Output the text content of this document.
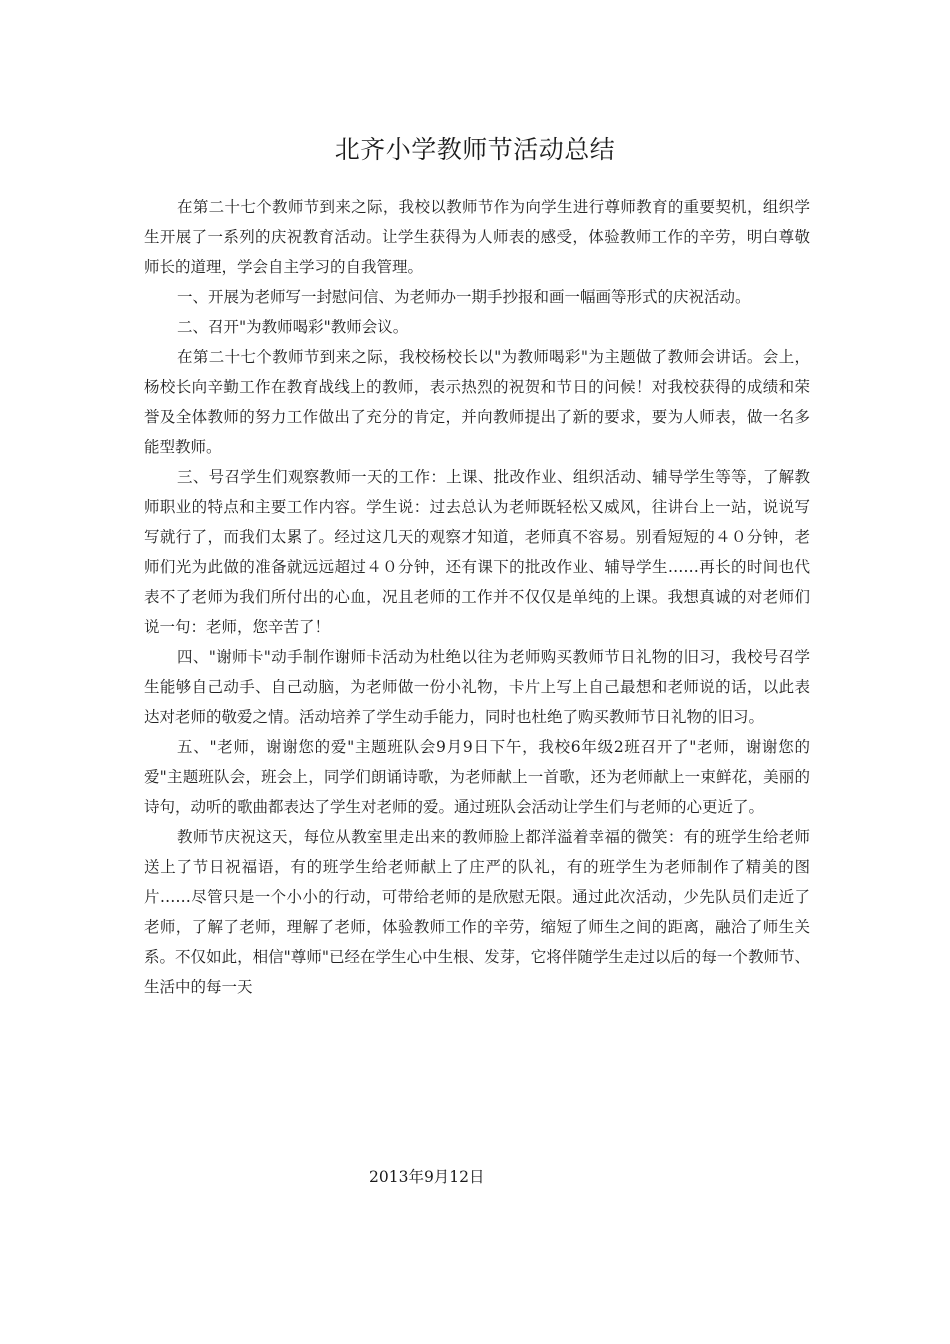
北齐小学教师节活动总结

在第二十七个教师节到来之际，我校以教师节作为向学生进行尊师教育的重要契机，组织学生开展了一系列的庆祝教育活动。让学生获得为人师表的感受，体验教师工作的辛劳，明白尊敬师长的道理，学会自主学习的自我管理。

一、开展为老师写一封慰问信、为老师办一期手抄报和画一幅画等形式的庆祝活动。

二、召开"为教师喝彩"教师会议。

在第二十七个教师节到来之际，我校杨校长以"为教师喝彩"为主题做了教师会讲话。会上，杨校长向辛勤工作在教育战线上的教师，表示热烈的祝贺和节日的问候！对我校获得的成绩和荣誉及全体教师的努力工作做出了充分的肯定，并向教师提出了新的要求，要为人师表，做一名多能型教师。

三、号召学生们观察教师一天的工作：上课、批改作业、组织活动、辅导学生等等，了解教师职业的特点和主要工作内容。学生说：过去总认为老师既轻松又威风，往讲台上一站，说说写写就行了，而我们太累了。经过这几天的观察才知道，老师真不容易。别看短短的４０分钟，老师们光为此做的准备就远远超过４０分钟，还有课下的批改作业、辅导学生……再长的时间也代表不了老师为我们所付出的心血，况且老师的工作并不仅仅是单纯的上课。我想真诚的对老师们说一句：老师，您辛苦了！

四、"谢师卡"动手制作谢师卡活动为杜绝以往为老师购买教师节日礼物的旧习，我校号召学生能够自己动手、自己动脑，为老师做一份小礼物，卡片上写上自己最想和老师说的话，以此表达对老师的敬爱之情。活动培养了学生动手能力，同时也杜绝了购买教师节日礼物的旧习。

五、"老师，谢谢您的爱"主题班队会9月9日下午，我校6年级2班召开了"老师，谢谢您的爱"主题班队会，班会上，同学们朗诵诗歌，为老师献上一首歌，还为老师献上一束鲜花，美丽的诗句，动听的歌曲都表达了学生对老师的爱。通过班队会活动让学生们与老师的心更近了。

教师节庆祝这天，每位从教室里走出来的教师脸上都洋溢着幸福的微笑：有的班学生给老师送上了节日祝福语，有的班学生给老师献上了庄严的队礼，有的班学生为老师制作了精美的图片……尽管只是一个小小的行动，可带给老师的是欣慰无限。通过此次活动，少先队员们走近了老师，了解了老师，理解了老师，体验教师工作的辛劳，缩短了师生之间的距离，融洽了师生关系。不仅如此，相信"尊师"已经在学生心中生根、发芽，它将伴随学生走过以后的每一个教师节、生活中的每一天

2013年9月12日
